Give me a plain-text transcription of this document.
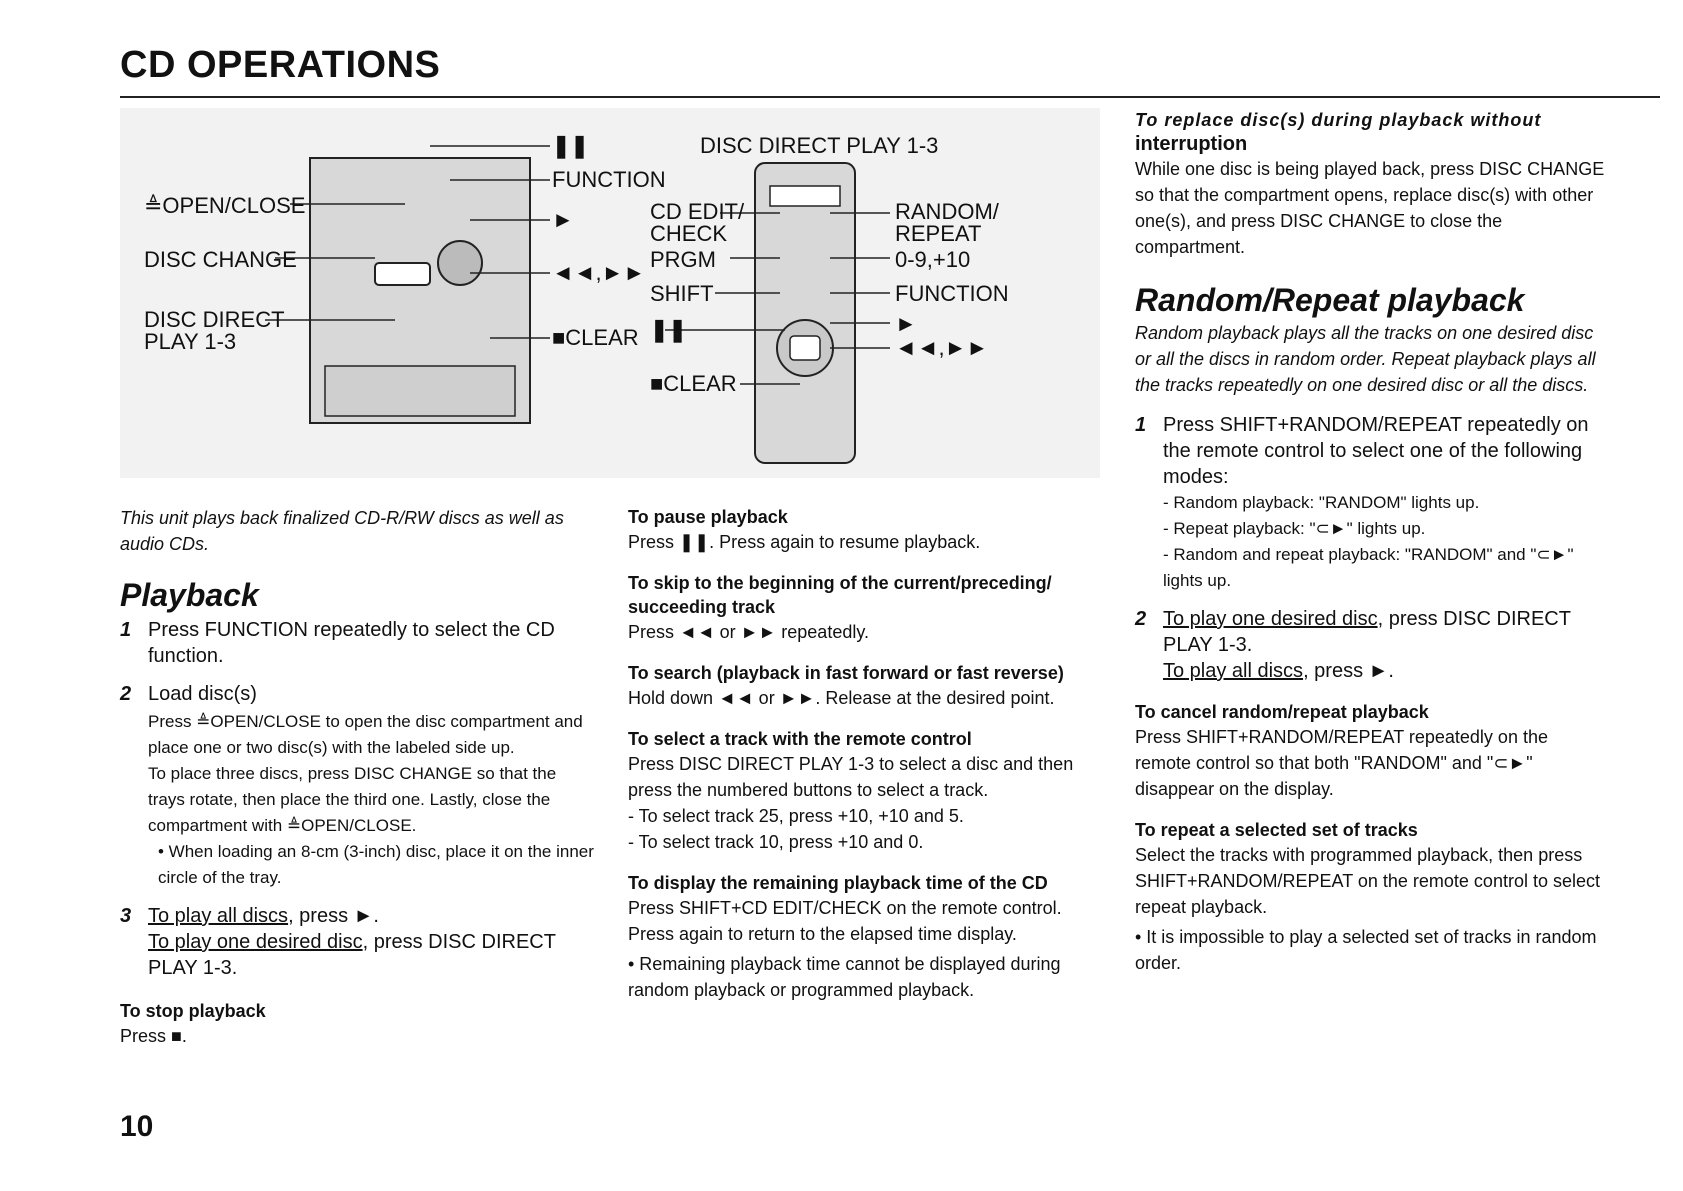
CD OPERATIONS
≜OPEN/CLOSE
DISC CHANGE
DISC DIRECT
PLAY 1-3
❚❚
FUNCTION
►
◄◄,►►
■CLEAR
DISC DIRECT PLAY 1-3
CD EDIT/
CHECK
PRGM
SHIFT
❚❚
■CLEAR
RANDOM/
REPEAT
0-9,+10
FUNCTION
►
◄◄,►►
This unit plays back finalized CD-R/RW discs as well as audio CDs.
Playback
1 Press FUNCTION repeatedly to select the CD function.
2 Load disc(s)
Press ≜OPEN/CLOSE to open the disc compartment and place one or two disc(s) with the labeled side up.
To place three discs, press DISC CHANGE so that the trays rotate, then place the third one. Lastly, close the compartment with ≜OPEN/CLOSE.
• When loading an 8-cm (3-inch) disc, place it on the inner circle of the tray.
3 To play all discs, press ►.
To play one desired disc, press DISC DIRECT PLAY 1-3.
To stop playback
Press ■.
10
To pause playback
Press ❚❚. Press again to resume playback.
To skip to the beginning of the current/preceding/ succeeding track
Press ◄◄ or ►► repeatedly.
To search (playback in fast forward or fast reverse)
Hold down ◄◄ or ►►. Release at the desired point.
To select a track with the remote control
Press DISC DIRECT PLAY 1-3 to select a disc and then press the numbered buttons to select a track.
- To select track 25, press +10, +10 and 5.
- To select track 10, press +10 and 0.
To display the remaining playback time of the CD
Press SHIFT+CD EDIT/CHECK on the remote control. Press again to return to the elapsed time display.
• Remaining playback time cannot be displayed during random playback or programmed playback.
To replace disc(s) during playback without
interruption
While one disc is being played back, press DISC CHANGE so that the compartment opens, replace disc(s) with other one(s), and press DISC CHANGE to close the compartment.
Random/Repeat playback
Random playback plays all the tracks on one desired disc or all the discs in random order. Repeat playback plays all the tracks repeatedly on one desired disc or all the discs.
1 Press SHIFT+RANDOM/REPEAT repeatedly on the remote control to select one of the following modes:
- Random playback: "RANDOM" lights up.
- Repeat playback: "⊂►" lights up.
- Random and repeat playback: "RANDOM" and "⊂►" lights up.
2 To play one desired disc, press DISC DIRECT PLAY 1-3.
To play all discs, press ►.
To cancel random/repeat playback
Press SHIFT+RANDOM/REPEAT repeatedly on the remote control so that both "RANDOM" and "⊂►" disappear on the display.
To repeat a selected set of tracks
Select the tracks with programmed playback, then press SHIFT+RANDOM/REPEAT on the remote control to select repeat playback.
• It is impossible to play a selected set of tracks in random order.
